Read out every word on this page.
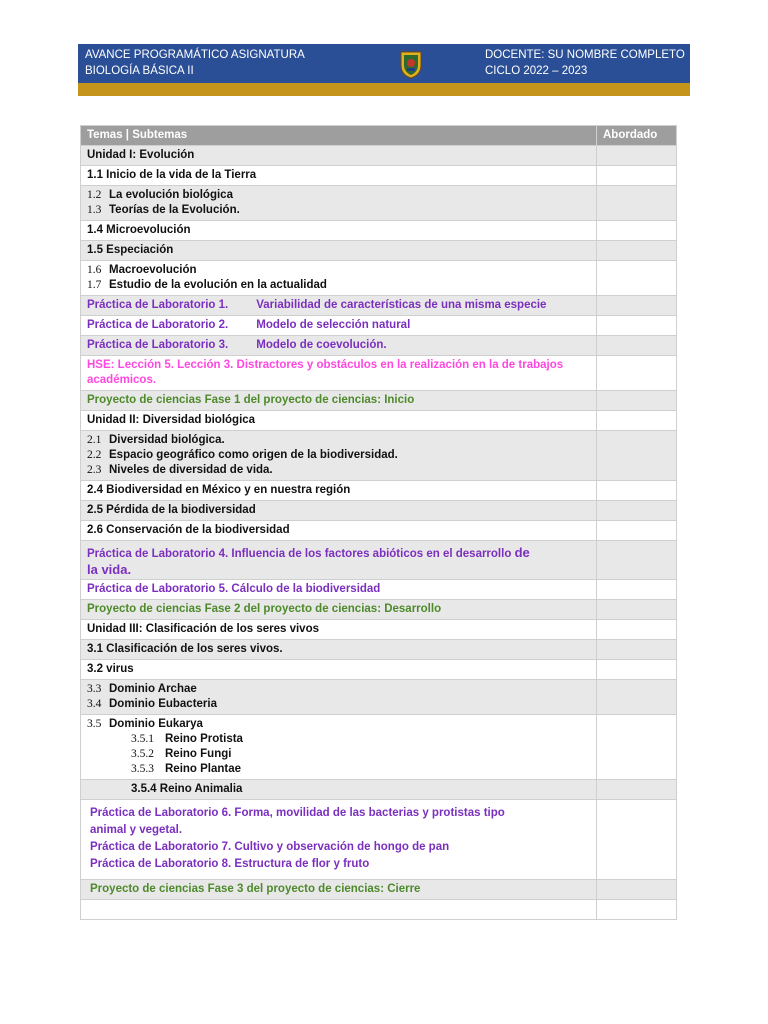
AVANCE PROGRAMÁTICO ASIGNATURA
BIOLOGÍA BÁSICA II
DOCENTE: SU NOMBRE COMPLETO
CICLO 2022 – 2023
Temas | Subtemas	Abordado
Unidad I: Evolución	
1.1 Inicio de la vida de la Tierra	

1.2 La evolución biológica
1.3 Teorías de la Evolución.	

1.4 Microevolución	
1.5 Especiación	

1.6 Macroevolución
1.7 Estudio de la evolución en la actualidad	

Práctica de Laboratorio 1. Variabilidad de características de una misma especie	
Práctica de Laboratorio 2. Modelo de selección natural	
Práctica de Laboratorio 3. Modelo de coevolución.	
HSE: Lección 5. Lección 3. Distractores y obstáculos en la realización en la de trabajos académicos.	
Proyecto de ciencias Fase 1 del proyecto de ciencias: Inicio	
Unidad II: Diversidad biológica	

2.1 Diversidad biológica.
2.2 Espacio geográfico como origen de la biodiversidad.
2.3 Niveles de diversidad de vida.	

2.4 Biodiversidad en México y en nuestra región	
2.5 Pérdida de la biodiversidad	
2.6 Conservación de la biodiversidad	

Práctica de Laboratorio 4. Influencia de los factores abióticos en el desarrollo de
la vida.	

Práctica de Laboratorio 5. Cálculo de la biodiversidad	
Proyecto de ciencias Fase 2 del proyecto de ciencias: Desarrollo	
Unidad III: Clasificación de los seres vivos	
3.1 Clasificación de los seres vivos.	
3.2 virus	

3.3 Dominio Archae
3.4 Dominio Eubacteria	

3.5 Dominio Eukarya
3.5.1 Reino Protista
3.5.2 Reino Fungi
3.5.3 Reino Plantae	

3.5.4 Reino Animalia	

Práctica de Laboratorio 6. Forma, movilidad de las bacterias y protistas tipo
animal y vegetal.
Práctica de Laboratorio 7. Cultivo y observación de hongo de pan
Práctica de Laboratorio 8. Estructura de flor y fruto	

Proyecto de ciencias Fase 3 del proyecto de ciencias: Cierre	
